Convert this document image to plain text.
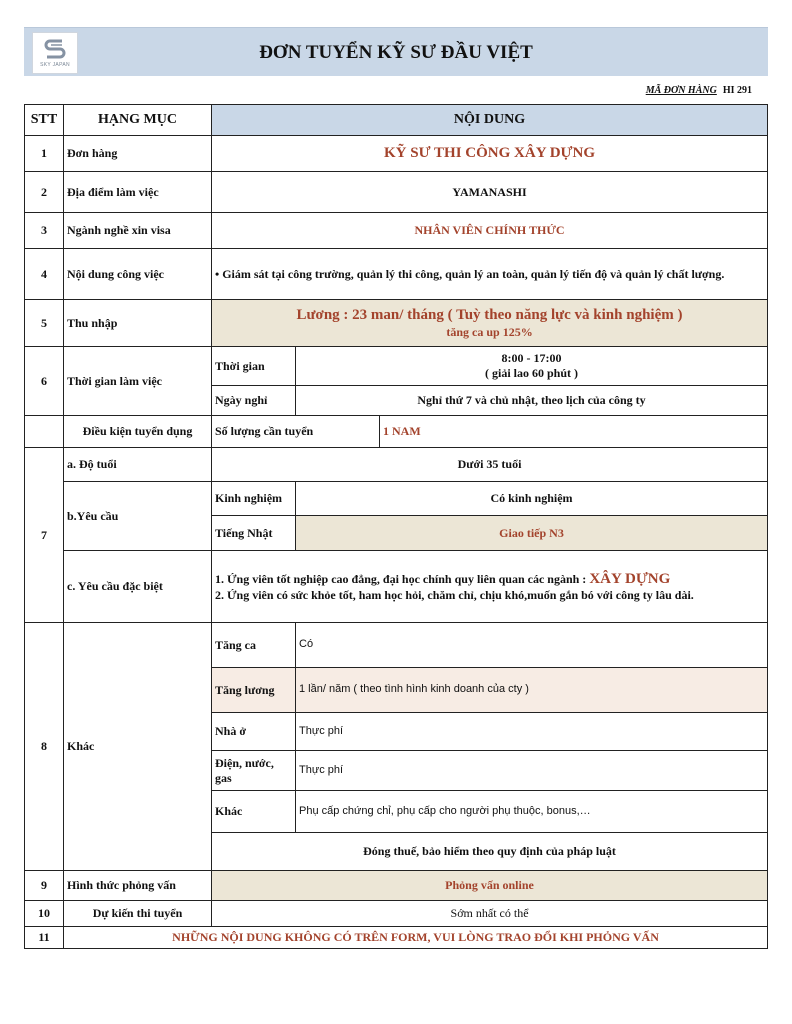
SKY JAPAN
ĐƠN TUYỂN KỸ SƯ ĐẦU VIỆT
MÃ ĐƠN HÀNG HI 291
STT	HẠNG MỤC	NỘI DUNG		
1	Đơn hàng	KỸ SƯ THI CÔNG XÂY DỰNG		
2	Địa điểm làm việc	YAMANASHI		
3	Ngành nghề xin visa	NHÂN VIÊN CHÍNH THỨC		
4	Nội dung công việc	• Giám sát tại công trường, quản lý thi công, quản lý an toàn, quản lý tiến độ và quản lý chất lượng.		
5	Thu nhập	Lương : 23 man/ tháng ( Tuỳ theo năng lực và kinh nghiệm )
tăng ca up 125%		

6	Thời gian làm việc	Thời gian	8:00 - 17:00
( giải lao 60 phút )	

		Ngày nghỉ	Nghỉ thứ 7 và chủ nhật, theo lịch của công ty	
	Điều kiện tuyển dụng	Số lượng cần tuyển		1 NAM
7	a. Độ tuổi	Dưới 35 tuổi		
	b.Yêu cầu	Kinh nghiệm	Có kinh nghiệm	
		Tiếng Nhật	Giao tiếp N3	
	c. Yêu cầu đặc biệt	1. Ứng viên tốt nghiệp cao đẳng, đại học chính quy liên quan các ngành : XÂY DỰNG
2. Ứng viên có sức khỏe tốt, ham học hỏi, chăm chỉ, chịu khó,muốn gắn bó với công ty lâu dài.		

8	Khác	Tăng ca	Có	
		Tăng lương	1 lần/ năm ( theo tình hình kinh doanh của cty )	
		Nhà ở	Thực phí	
		Điện, nước, gas	Thực phí	
		Khác	Phụ cấp chứng chỉ, phụ cấp cho người phụ thuộc, bonus,…	
		Đóng thuế, bảo hiểm theo quy định của pháp luật		
9	Hình thức phỏng vấn	Phỏng vấn online		
10	Dự kiến thi tuyển	Sớm nhất có thể		
11	NHỮNG NỘI DUNG KHÔNG CÓ TRÊN FORM, VUI LÒNG TRAO ĐỔI KHI PHỎNG VẤN			
